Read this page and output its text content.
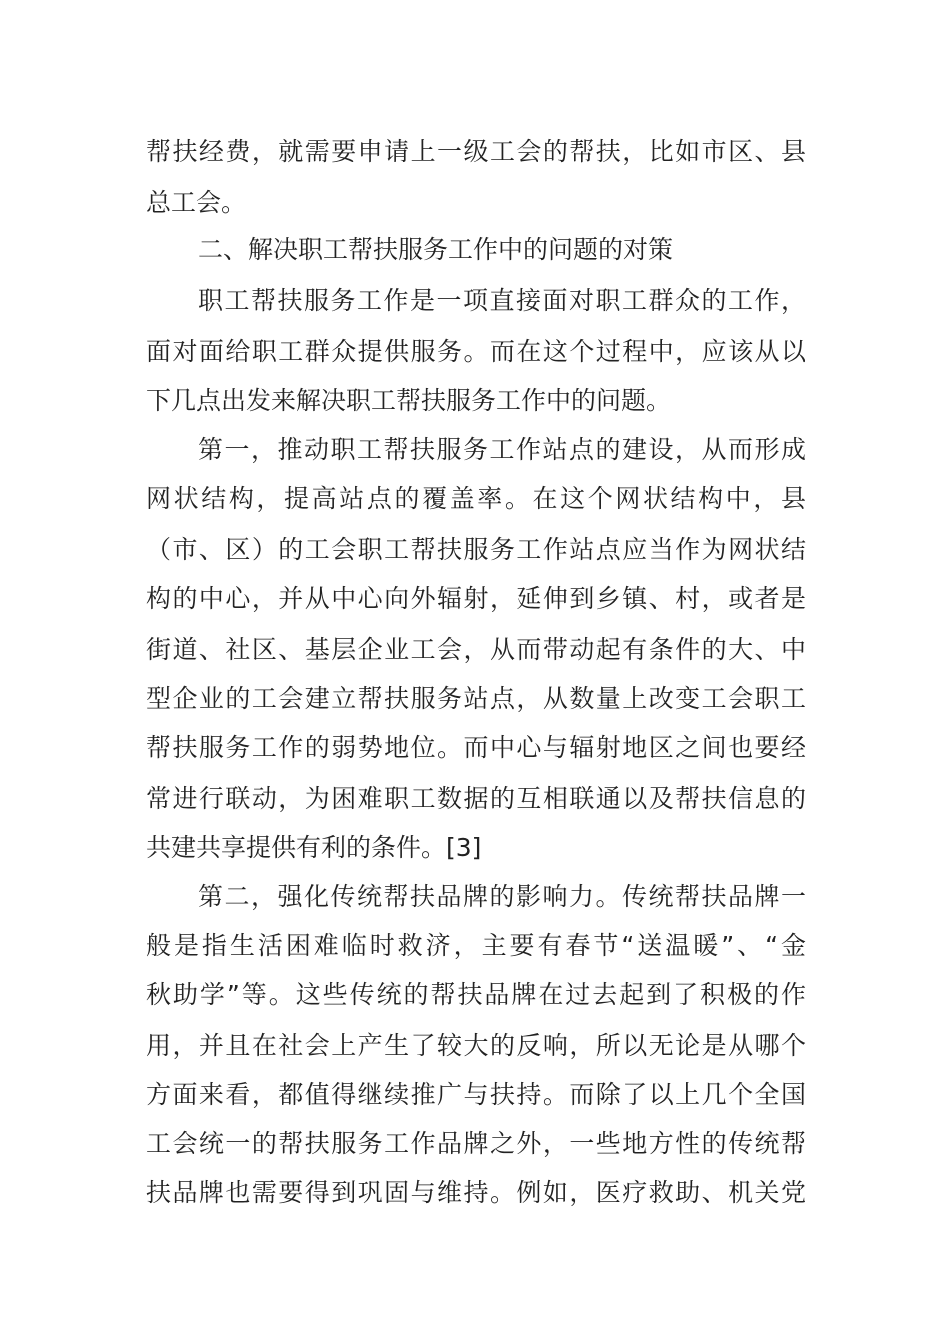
帮扶经费，就需要申请上一级工会的帮扶，比如市区、县
总工会。
二、解决职工帮扶服务工作中的问题的对策
职工帮扶服务工作是一项直接面对职工群众的工作，
面对面给职工群众提供服务。而在这个过程中，应该从以
下几点出发来解决职工帮扶服务工作中的问题。
第一，推动职工帮扶服务工作站点的建设，从而形成
网状结构，提高站点的覆盖率。在这个网状结构中，县
（市、区）的工会职工帮扶服务工作站点应当作为网状结
构的中心，并从中心向外辐射，延伸到乡镇、村，或者是
街道、社区、基层企业工会，从而带动起有条件的大、中
型企业的工会建立帮扶服务站点，从数量上改变工会职工
帮扶服务工作的弱势地位。而中心与辐射地区之间也要经
常进行联动，为困难职工数据的互相联通以及帮扶信息的
共建共享提供有利的条件。[3]
第二，强化传统帮扶品牌的影响力。传统帮扶品牌一
般是指生活困难临时救济，主要有春节“送温暖”、“金
秋助学”等。这些传统的帮扶品牌在过去起到了积极的作
用，并且在社会上产生了较大的反响，所以无论是从哪个
方面来看，都值得继续推广与扶持。而除了以上几个全国
工会统一的帮扶服务工作品牌之外，一些地方性的传统帮
扶品牌也需要得到巩固与维持。例如，医疗救助、机关党
